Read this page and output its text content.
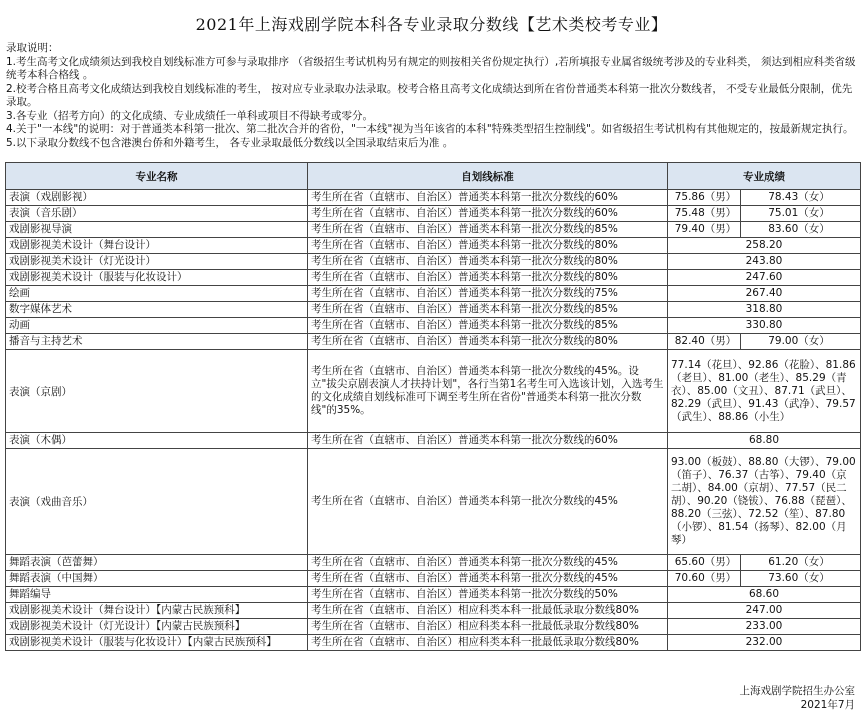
2021年上海戏剧学院本科各专业录取分数线【艺术类校考专业】

录取说明：

1.考生高考文化成绩须达到我校自划线标准方可参与录取排序 （省级招生考试机构另有规定的则按相关省份规定执行）,若所填报专业属省级统考涉及的专业科类， 须达到相应科类省级统考本科合格线 。

2.校考合格且高考文化成绩达到我校自划线标准的考生， 按对应专业录取办法录取。校考合格且高考文化成绩达到所在省份普通类本科第一批次分数线者， 不受专业最低分限制，优先录取。

3.各专业（招考方向）的文化成绩、专业成绩任一单科或项目不得缺考或零分。

4.关于"一本线"的说明：对于普通类本科第一批次、第二批次合并的省份，"一本线"视为当年该省的本科"特殊类型招生控制线"。如省级招生考试机构有其他规定的，按最新规定执行。

5.以下录取分数线不包含港澳台侨和外籍考生， 各专业录取最低分数线以全国录取结束后为准 。

专业名称	自划线标准	专业成绩
表演（戏剧影视）	考生所在省（直辖市、自治区）普通类本科第一批次分数线的60%	75.86（男） 78.43（女）

表演（音乐剧）	考生所在省（直辖市、自治区）普通类本科第一批次分数线的60%	75.48（男） 75.01（女）

戏剧影视导演	考生所在省（直辖市、自治区）普通类本科第一批次分数线的85%	79.40（男） 83.60（女）

戏剧影视美术设计（舞台设计）	考生所在省（直辖市、自治区）普通类本科第一批次分数线的80%	258.20
戏剧影视美术设计（灯光设计）	考生所在省（直辖市、自治区）普通类本科第一批次分数线的80%	243.80
戏剧影视美术设计（服装与化妆设计）	考生所在省（直辖市、自治区）普通类本科第一批次分数线的80%	247.60
绘画	考生所在省（直辖市、自治区）普通类本科第一批次分数线的75%	267.40
数字媒体艺术	考生所在省（直辖市、自治区）普通类本科第一批次分数线的85%	318.80
动画	考生所在省（直辖市、自治区）普通类本科第一批次分数线的85%	330.80
播音与主持艺术	考生所在省（直辖市、自治区）普通类本科第一批次分数线的80%	82.40（男） 79.00（女）

表演（京剧）	考生所在省（直辖市、自治区）普通类本科第一批次分数线的45%。设立"拔尖京剧表演人才扶持计划"，各行当第1名考生可入选该计划，入选考生的文化成绩自划线标准可下调至考生所在省份"普通类本科第一批次分数线"的35%。	77.14（花旦）、92.86（花脸）、81.86（老旦）、81.00（老生）、85.29（青衣）、85.00（文丑）、87.71（武旦）、82.29（武旦）、91.43（武净）、79.57（武生）、88.86（小生）
表演（木偶）	考生所在省（直辖市、自治区）普通类本科第一批次分数线的60%	68.80
表演（戏曲音乐）	考生所在省（直辖市、自治区）普通类本科第一批次分数线的45%	93.00（板鼓）、88.80（大锣）、79.00（笛子）、76.37（古筝）、79.40（京二胡）、84.00（京胡）、77.57（民二胡）、90.20（铙钹）、76.88（琵琶）、88.20（三弦）、72.52（笙）、87.80（小锣）、81.54（扬琴）、82.00（月琴）
舞蹈表演（芭蕾舞）	考生所在省（直辖市、自治区）普通类本科第一批次分数线的45%	65.60（男） 61.20（女）

舞蹈表演（中国舞）	考生所在省（直辖市、自治区）普通类本科第一批次分数线的45%	70.60（男） 73.60（女）

舞蹈编导	考生所在省（直辖市、自治区）普通类本科第一批次分数线的50%	68.60
戏剧影视美术设计（舞台设计）【内蒙古民族预科】	考生所在省（直辖市、自治区）相应科类本科一批最低录取分数线80%	247.00
戏剧影视美术设计（灯光设计）【内蒙古民族预科】	考生所在省（直辖市、自治区）相应科类本科一批最低录取分数线80%	233.00
戏剧影视美术设计（服装与化妆设计）【内蒙古民族预科】	考生所在省（直辖市、自治区）相应科类本科一批最低录取分数线80%	232.00
上海戏剧学院招生办公室
2021年7月
